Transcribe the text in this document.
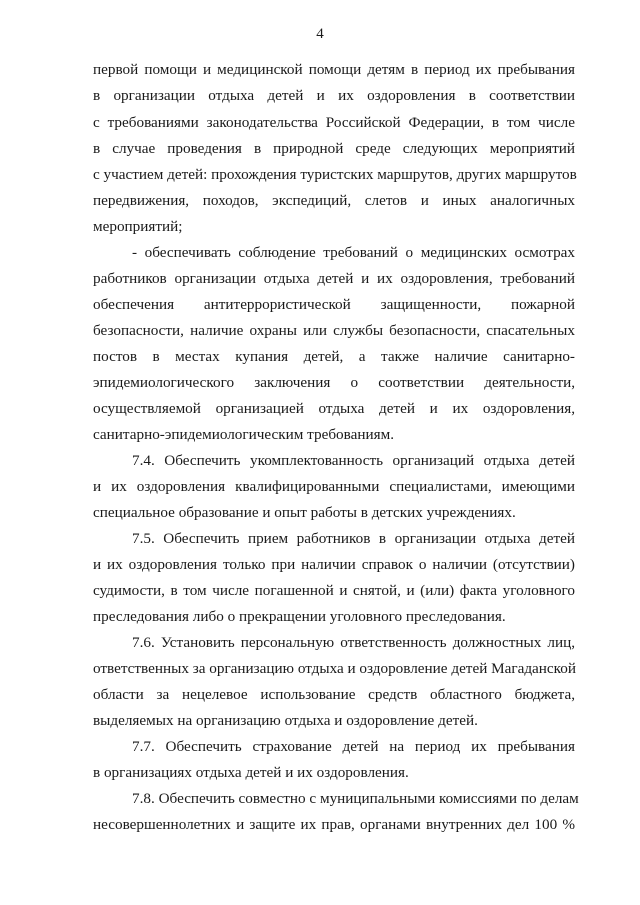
4
первой помощи и медицинской помощи детям в период их пребывания
в организации отдыха детей и их оздоровления в соответствии
с требованиями законодательства Российской Федерации, в том числе
в случае проведения в природной среде следующих мероприятий
с участием детей: прохождения туристских маршрутов, других маршрутов
передвижения, походов, экспедиций, слетов и иных аналогичных
мероприятий;
- обеспечивать соблюдение требований о медицинских осмотрах
работников организации отдыха детей и их оздоровления, требований
обеспечения антитеррористической защищенности, пожарной
безопасности, наличие охраны или службы безопасности, спасательных
постов в местах купания детей, а также наличие санитарно-
эпидемиологического заключения о соответствии деятельности,
осуществляемой организацией отдыха детей и их оздоровления,
санитарно-эпидемиологическим требованиям.
7.4. Обеспечить укомплектованность организаций отдыха детей
и их оздоровления квалифицированными специалистами, имеющими
специальное образование и опыт работы в детских учреждениях.
7.5. Обеспечить прием работников в организации отдыха детей
и их оздоровления только при наличии справок о наличии (отсутствии)
судимости, в том числе погашенной и снятой, и (или) факта уголовного
преследования либо о прекращении уголовного преследования.
7.6. Установить персональную ответственность должностных лиц,
ответственных за организацию отдыха и оздоровление детей Магаданской
области за нецелевое использование средств областного бюджета,
выделяемых на организацию отдыха и оздоровление детей.
7.7. Обеспечить страхование детей на период их пребывания
в организациях отдыха детей и их оздоровления.
7.8. Обеспечить совместно с муниципальными комиссиями по делам
несовершеннолетних и защите их прав, органами внутренних дел 100 %
